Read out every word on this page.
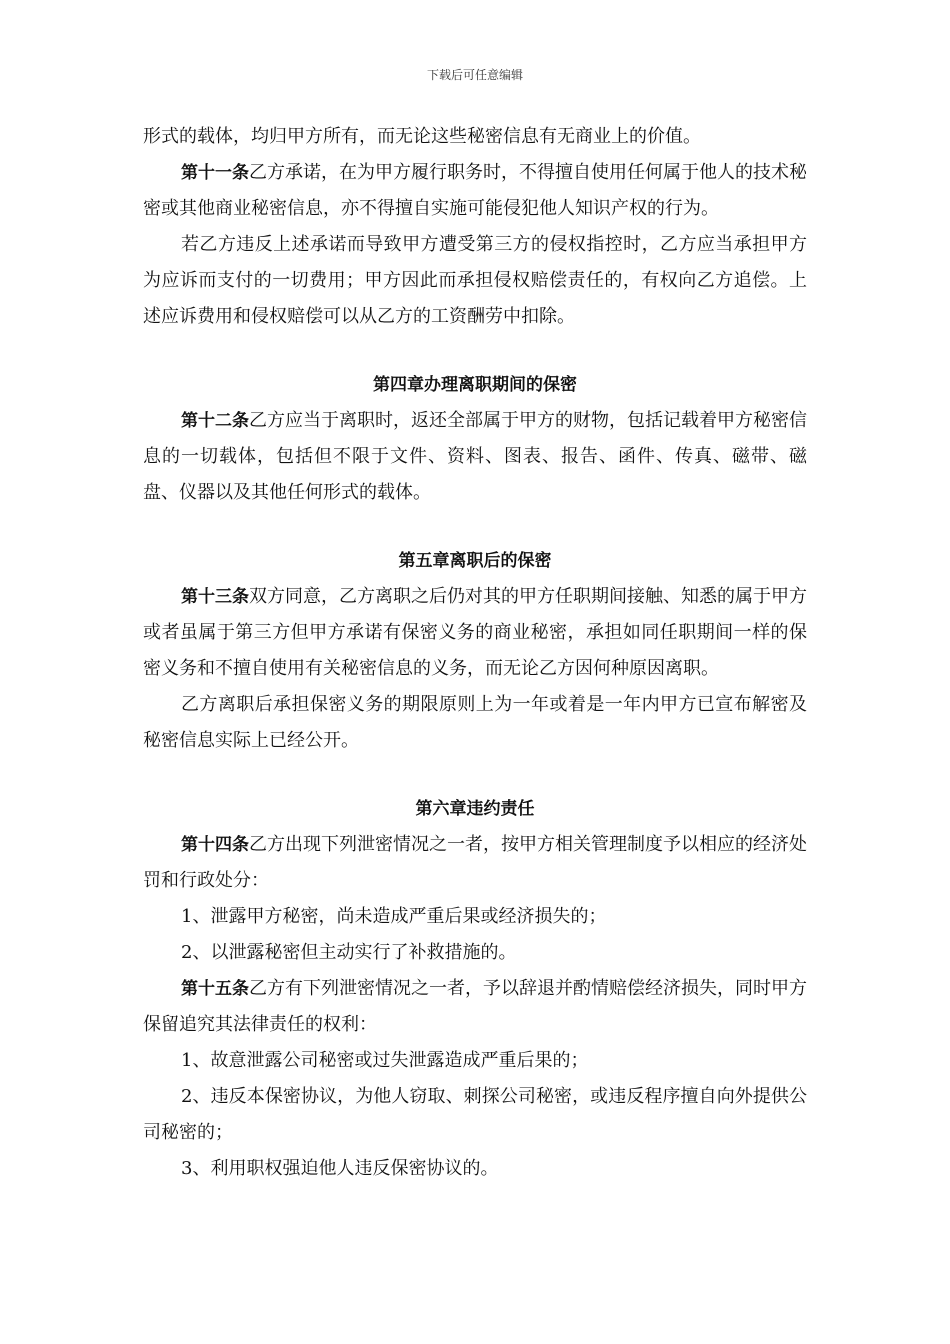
下载后可任意编辑

形式的载体，均归甲方所有，而无论这些秘密信息有无商业上的价值。

第十一条乙方承诺，在为甲方履行职务时，不得擅自使用任何属于他人的技术秘密或其他商业秘密信息，亦不得擅自实施可能侵犯他人知识产权的行为。

若乙方违反上述承诺而导致甲方遭受第三方的侵权指控时，乙方应当承担甲方为应诉而支付的一切费用；甲方因此而承担侵权赔偿责任的，有权向乙方追偿。上述应诉费用和侵权赔偿可以从乙方的工资酬劳中扣除。

第四章办理离职期间的保密

第十二条乙方应当于离职时，返还全部属于甲方的财物，包括记载着甲方秘密信息的一切载体，包括但不限于文件、资料、图表、报告、函件、传真、磁带、磁盘、仪器以及其他任何形式的载体。

第五章离职后的保密

第十三条双方同意，乙方离职之后仍对其的甲方任职期间接触、知悉的属于甲方或者虽属于第三方但甲方承诺有保密义务的商业秘密，承担如同任职期间一样的保密义务和不擅自使用有关秘密信息的义务，而无论乙方因何种原因离职。

乙方离职后承担保密义务的期限原则上为一年或着是一年内甲方已宣布解密及秘密信息实际上已经公开。

第六章违约责任

第十四条乙方出现下列泄密情况之一者，按甲方相关管理制度予以相应的经济处罚和行政处分：

1、泄露甲方秘密，尚未造成严重后果或经济损失的；

2、以泄露秘密但主动实行了补救措施的。

第十五条乙方有下列泄密情况之一者，予以辞退并酌情赔偿经济损失，同时甲方保留追究其法律责任的权利：

1、故意泄露公司秘密或过失泄露造成严重后果的；

2、违反本保密协议，为他人窃取、刺探公司秘密，或违反程序擅自向外提供公司秘密的；

3、利用职权强迫他人违反保密协议的。
